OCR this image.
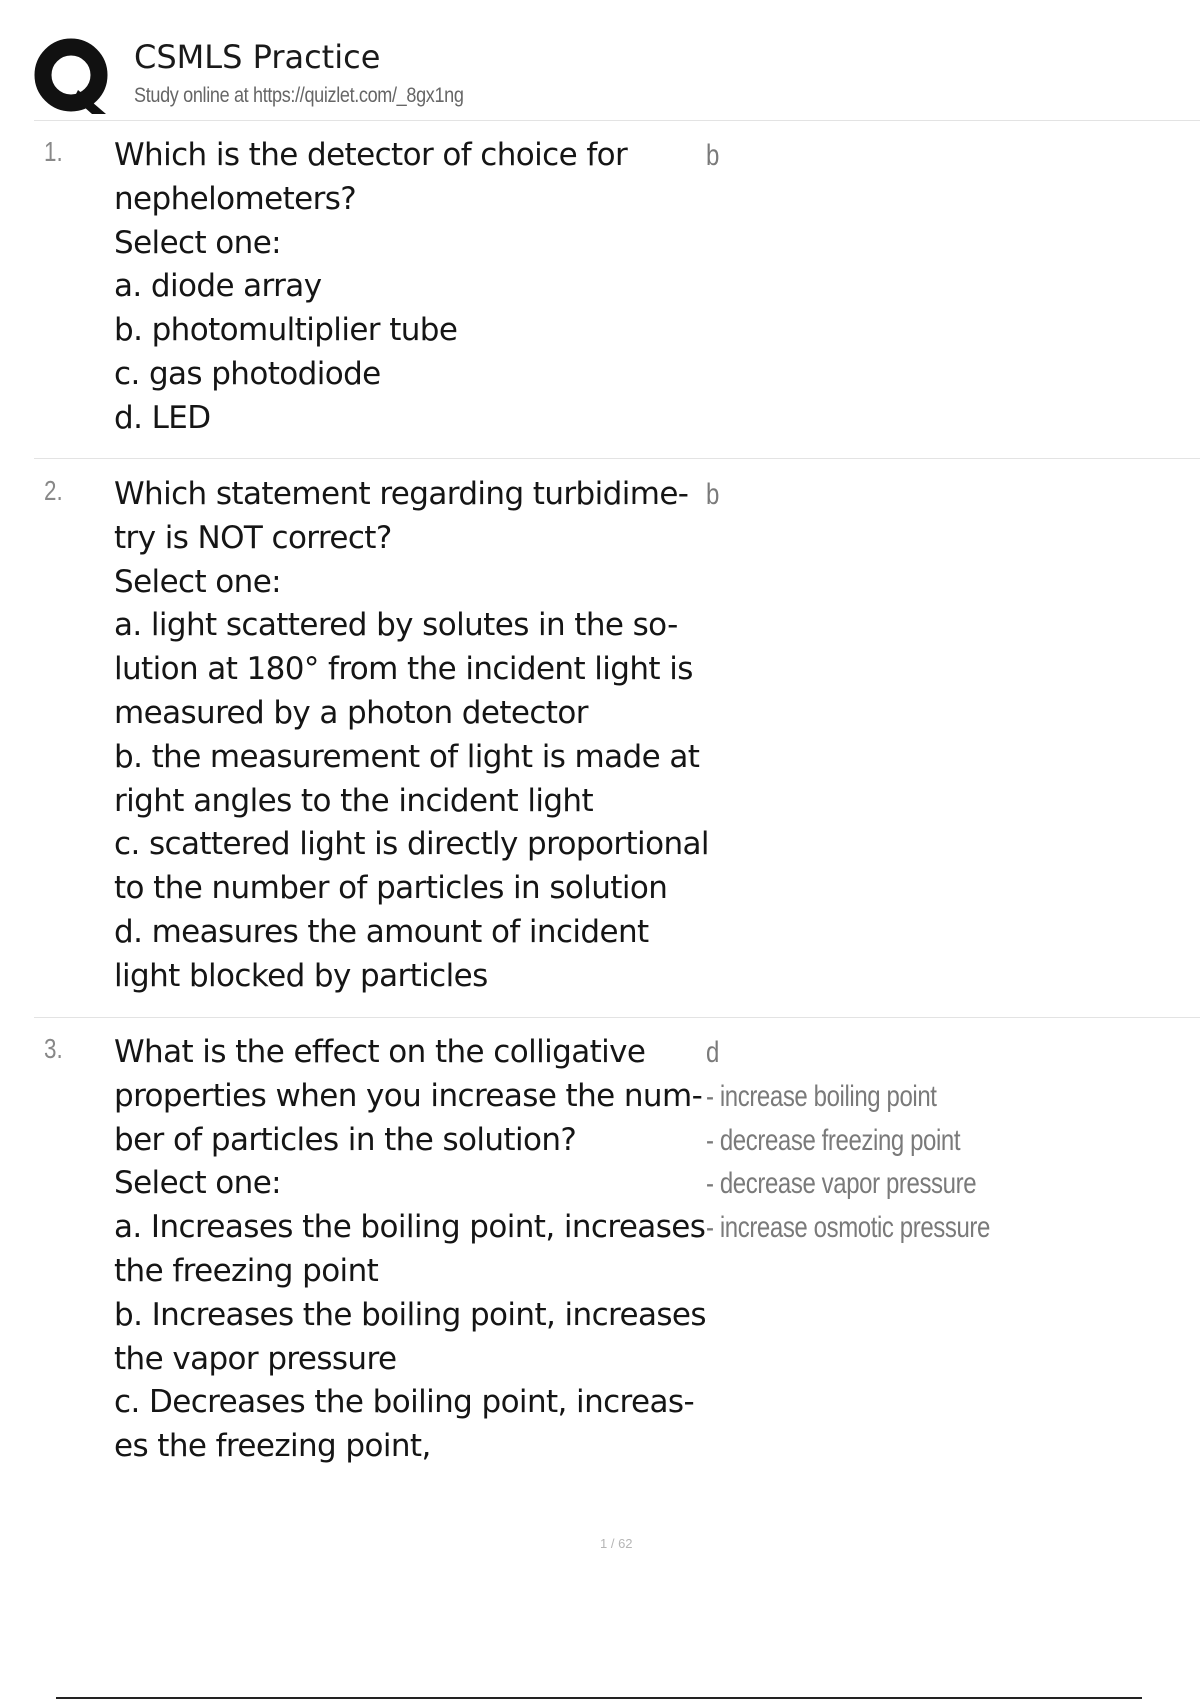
CSMLS Practice
Study online at https://quizlet.com/_8gx1ng
1. Which is the detector of choice for
nephelometers?
Select one:
a. diode array
b. photomultiplier tube
c. gas photodiode
d. LED
b
2. Which statement regarding turbidime-
try is NOT correct?
Select one:
a. light scattered by solutes in the so-
lution at 180° from the incident light is
measured by a photon detector
b. the measurement of light is made at
right angles to the incident light
c. scattered light is directly proportional
to the number of particles in solution
d. measures the amount of incident
light blocked by particles
b
3. What is the effect on the colligative
properties when you increase the num-
ber of particles in the solution?
Select one:
a. Increases the boiling point, increases
the freezing point
b. Increases the boiling point, increases
the vapor pressure
c. Decreases the boiling point, increas-
es the freezing point,
d
- increase boiling point
- decrease freezing point
- decrease vapor pressure
- increase osmotic pressure
1 / 62
